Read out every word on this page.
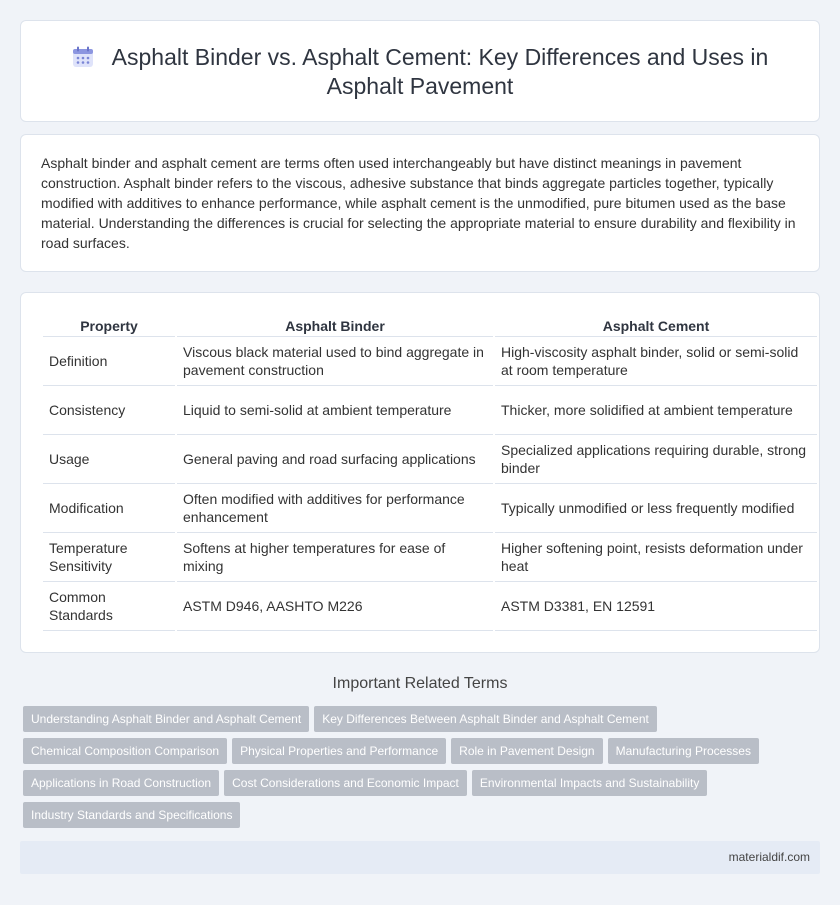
Asphalt Binder vs. Asphalt Cement: Key Differences and Uses in
Asphalt Pavement

Asphalt binder and asphalt cement are terms often used interchangeably but have distinct meanings in pavement construction. Asphalt binder refers to the viscous, adhesive substance that binds aggregate particles together, typically modified with additives to enhance performance, while asphalt cement is the unmodified, pure bitumen used as the base material. Understanding the differences is crucial for selecting the appropriate material to ensure durability and flexibility in road surfaces.

Property	Asphalt Binder	Asphalt Cement
Definition	Viscous black material used to bind aggregate in pavement construction	High-viscosity asphalt binder, solid or semi-solid at room temperature
Consistency	Liquid to semi-solid at ambient temperature	Thicker, more solidified at ambient temperature
Usage	General paving and road surfacing applications	Specialized applications requiring durable, strong binder
Modification	Often modified with additives for performance enhancement	Typically unmodified or less frequently modified
Temperature Sensitivity	Softens at higher temperatures for ease of mixing	Higher softening point, resists deformation under heat
Common Standards	ASTM D946, AASHTO M226	ASTM D3381, EN 12591
Important Related Terms
Understanding Asphalt Binder and Asphalt Cement Key Differences Between Asphalt Binder and Asphalt Cement
Chemical Composition Comparison Physical Properties and Performance Role in Pavement Design Manufacturing Processes
Applications in Road Construction Cost Considerations and Economic Impact Environmental Impacts and Sustainability
Industry Standards and Specifications
materialdif.com
